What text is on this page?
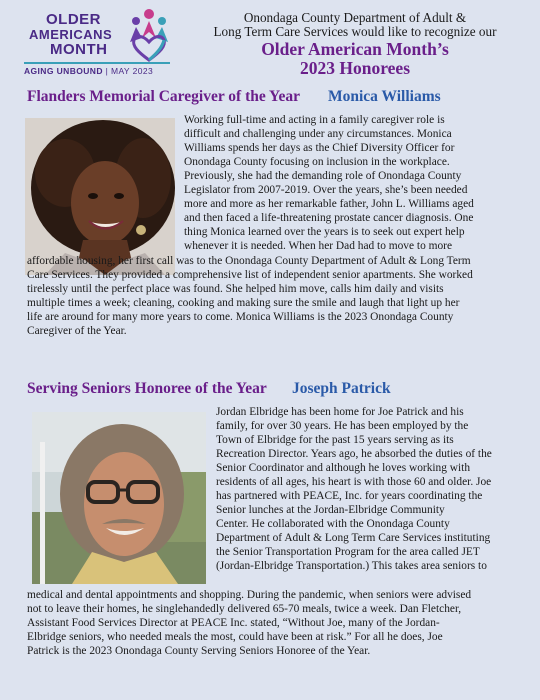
OLDER
AMERICANS
MONTH
AGING UNBOUND | MAY 2023
Onondaga County Department of Adult &
Long Term Care Services would like to recognize our
Older American Month’s
2023 Honorees
Flanders Memorial Caregiver of the Year Monica Williams
Working full-time and acting in a family caregiver role is
difficult and challenging under any circumstances. Monica
Williams spends her days as the Chief Diversity Officer for
Onondaga County focusing on inclusion in the workplace.
Previously, she had the demanding role of Onondaga County
Legislator from 2007-2019. Over the years, she’s been needed
more and more as her remarkable father, John L. Williams aged
and then faced a life-threatening prostate cancer diagnosis. One
thing Monica learned over the years is to seek out expert help
whenever it is needed. When her Dad had to move to more
affordable housing, her first call was to the Onondaga County Department of Adult & Long Term
Care Services. They provided a comprehensive list of independent senior apartments. She worked
tirelessly until the perfect place was found. She helped him move, calls him daily and visits
multiple times a week; cleaning, cooking and making sure the smile and laugh that light up her
life are around for many more years to come. Monica Williams is the 2023 Onondaga County
Caregiver of the Year.
Serving Seniors Honoree of the Year Joseph Patrick
Jordan Elbridge has been home for Joe Patrick and his
family, for over 30 years. He has been employed by the
Town of Elbridge for the past 15 years serving as its
Recreation Director. Years ago, he absorbed the duties of the
Senior Coordinator and although he loves working with
residents of all ages, his heart is with those 60 and older. Joe
has partnered with PEACE, Inc. for years coordinating the
Senior lunches at the Jordan-Elbridge Community
Center. He collaborated with the Onondaga County
Department of Adult & Long Term Care Services instituting
the Senior Transportation Program for the area called JET
(Jordan-Elbridge Transportation.) This takes area seniors to
medical and dental appointments and shopping. During the pandemic, when seniors were advised
not to leave their homes, he singlehandedly delivered 65-70 meals, twice a week. Dan Fletcher,
Assistant Food Services Director at PEACE Inc. stated, “Without Joe, many of the Jordan-
Elbridge seniors, who needed meals the most, could have been at risk.” For all he does, Joe
Patrick is the 2023 Onondaga County Serving Seniors Honoree of the Year.
